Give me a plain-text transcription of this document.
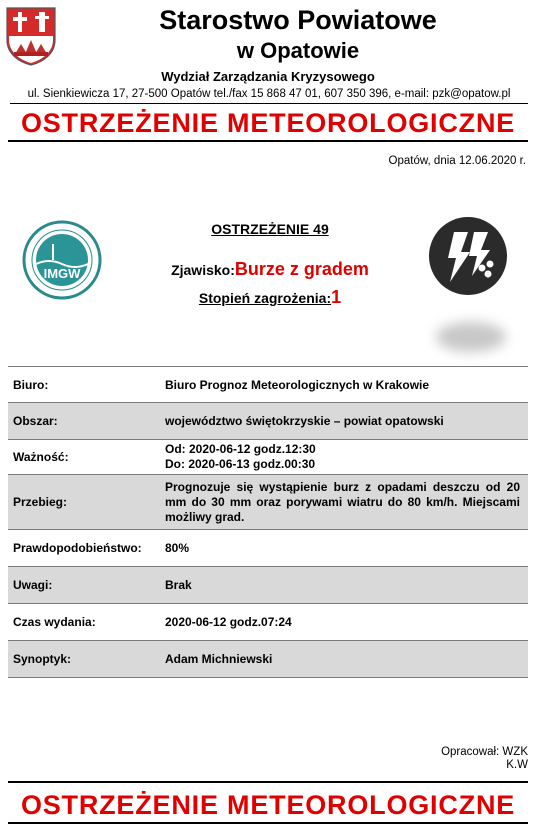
Starostwo Powiatowe
w Opatowie
Wydział Zarządzania Kryzysowego
ul. Sienkiewicza 17, 27-500 Opatów tel./fax 15 868 47 01, 607 350 396, e-mail: pzk@opatow.pl
OSTRZEŻENIE METEOROLOGICZNE
Opatów, dnia 12.06.2020 r.
IMGW
OSTRZEŻENIE 49
Zjawisko:Burze z gradem
Stopień zagrożenia:1
Biuro:	Biuro Prognoz Meteorologicznych w Krakowie
Obszar:	województwo świętokrzyskie – powiat opatowski
Ważność:
Od: 2020-06-12 godz.12:30
Do: 2020-06-13 godz.00:30
Przebieg:
Prognozuje się wystąpienie burz z opadami deszczu od 20 mm do 30 mm oraz porywami wiatru do 80 km/h. Miejscami możliwy grad.
Prawdopodobieństwo: 80%
Uwagi:	Brak
Czas wydania:	2020-06-12 godz.07:24
Synoptyk:	Adam Michniewski
Opracował: WZK
K.W
OSTRZEŻENIE METEOROLOGICZNE
